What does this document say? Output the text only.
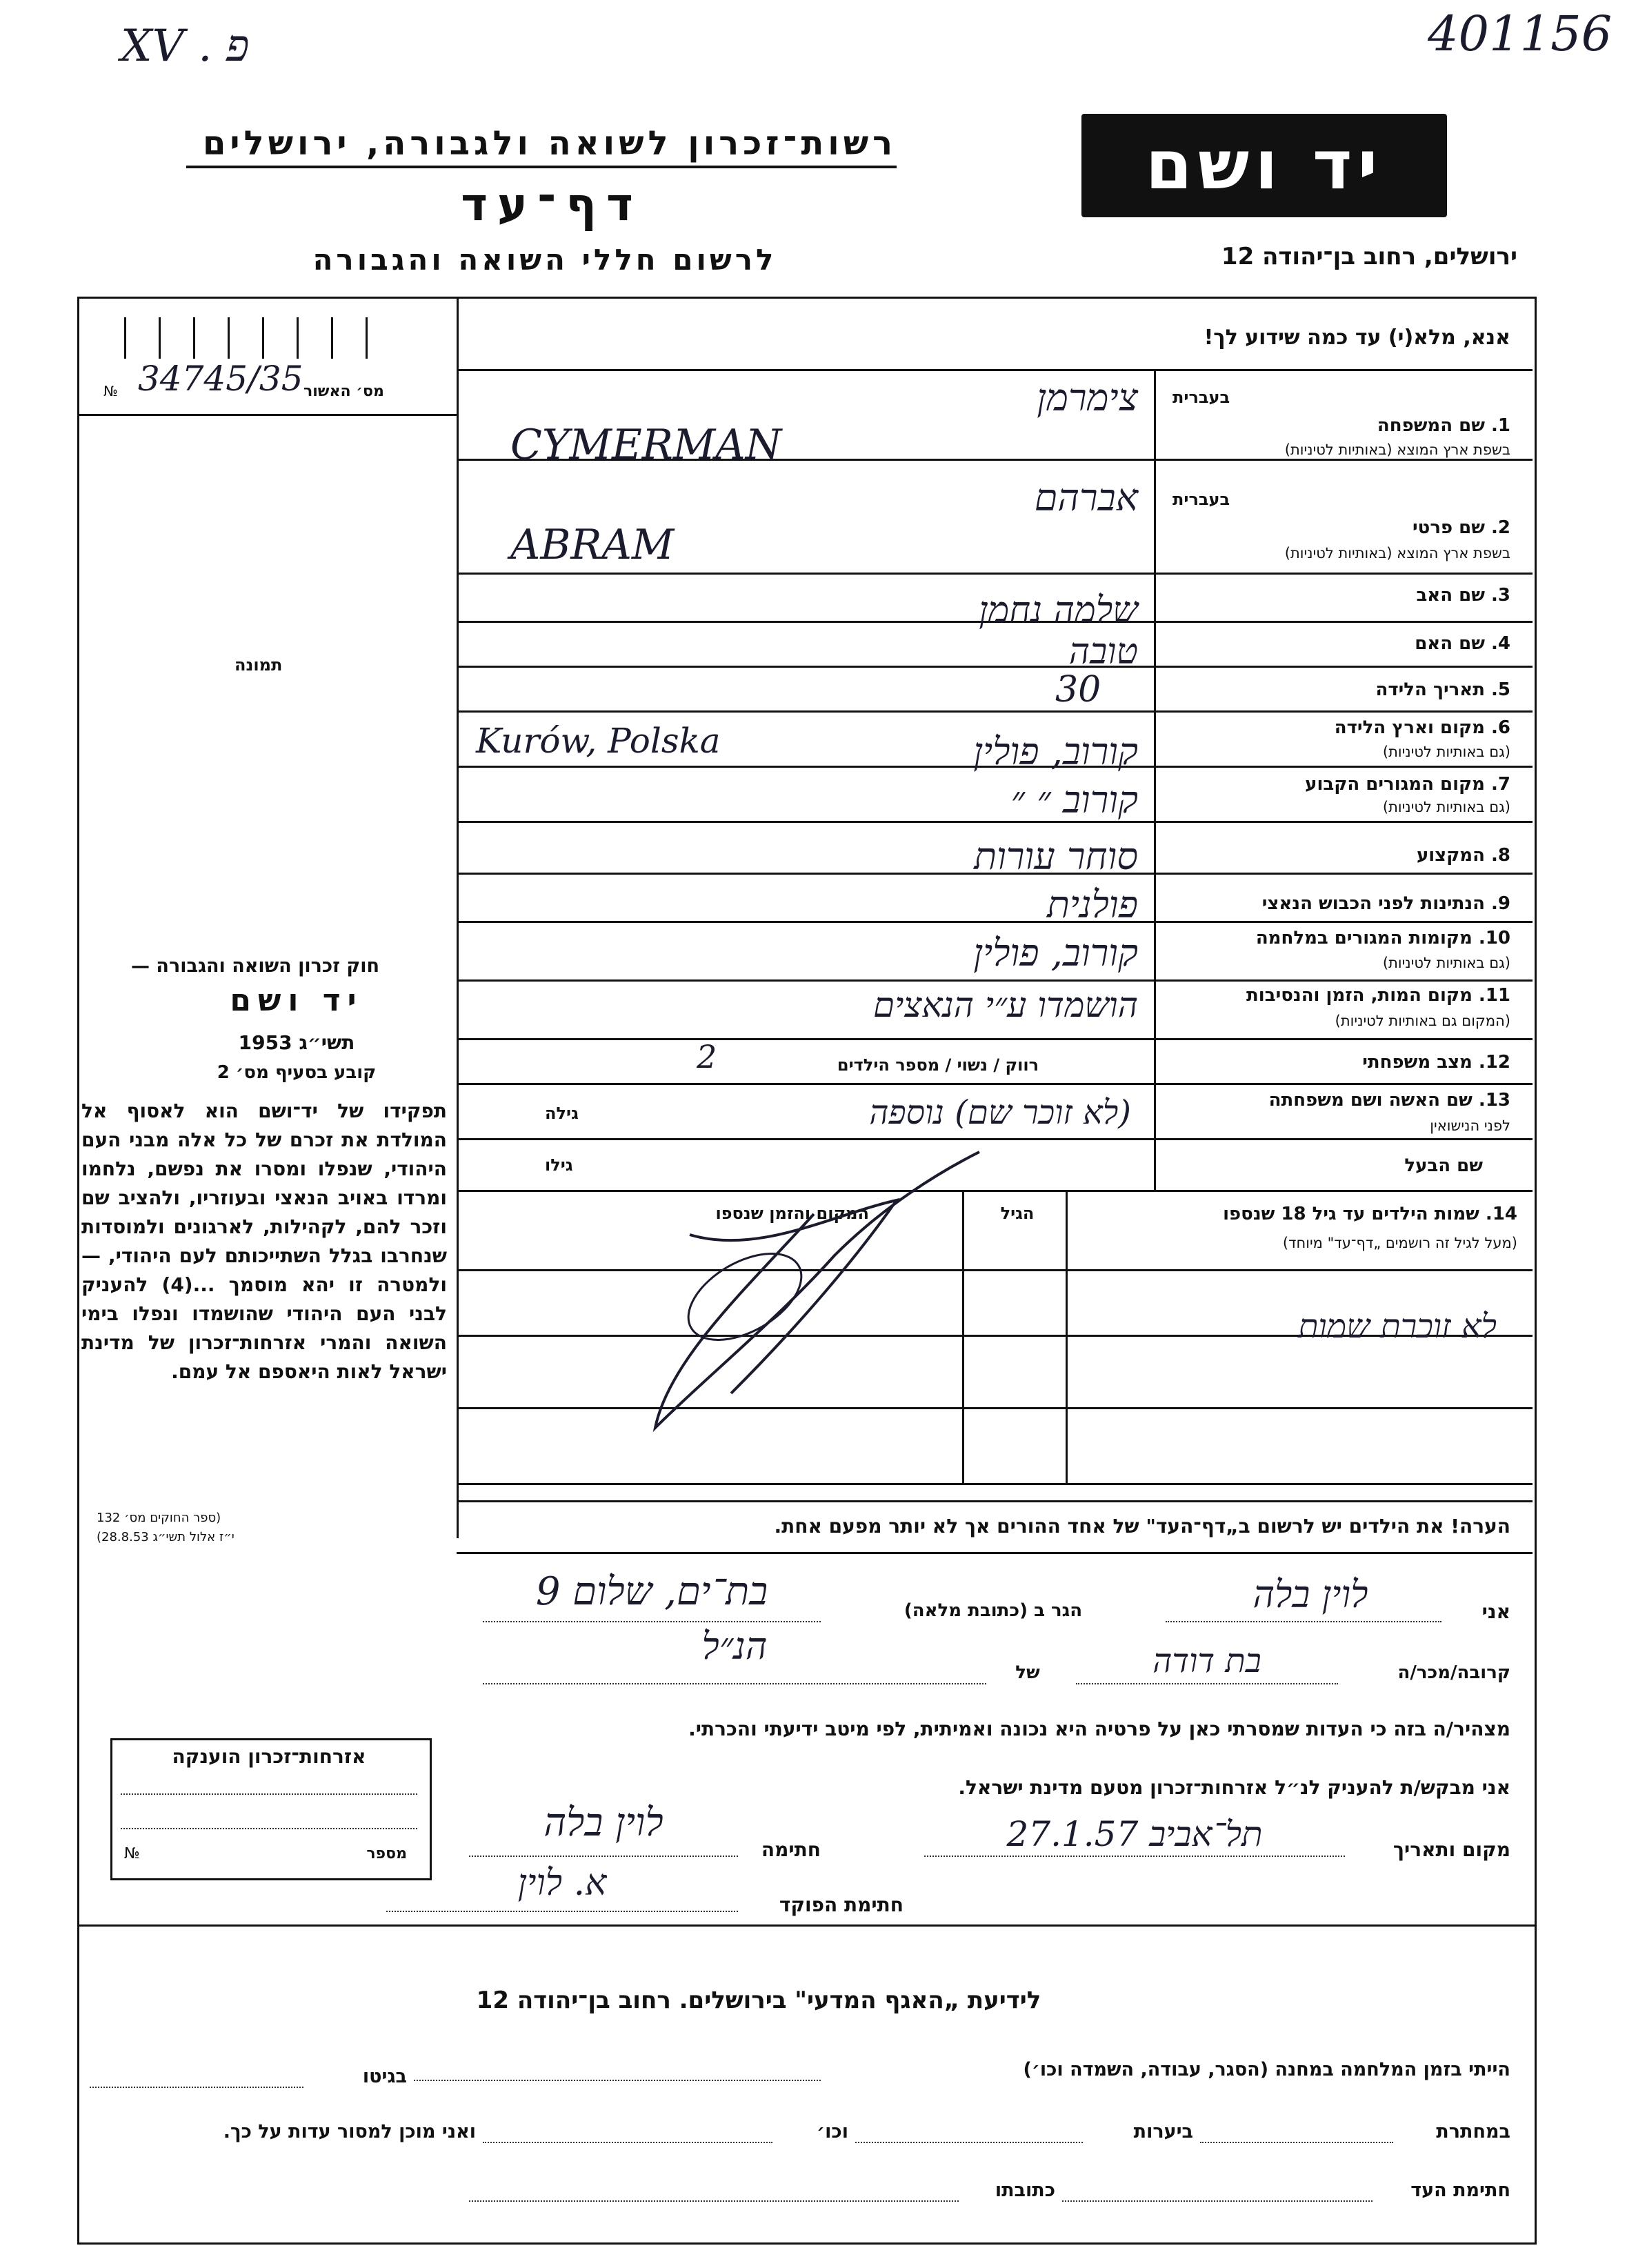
XV . פ	401156
רשות־זכרון לשואה ולגבורה, ירושלים
דף־עד
לרשום חללי השואה והגבורה
יד ושם
ירושלים, רחוב בן־יהודה 12
34745/35 מס׳ האשור
№
תמונה
חוק זכרון השואה והגבורה —
יד ושם
תשי״ג 1953
קובע בסעיף מס׳ 2
תפקידו של יד־ושם הוא לאסוף אל המולדת את זכרם של כל אלה מבני העם היהודי, שנפלו ומסרו את נפשם, נלחמו ומרדו באויב הנאצי ובעוזריו, ולהציב שם וזכר להם, לקהילות, לארגונים ולמוסדות שנחרבו בגלל השתייכותם לעם היהודי, — ולמטרה זו יהא מוסמך ...(4) להעניק לבני העם היהודי שהושמדו ונפלו בימי השואה והמרי אזרחות־זכרון של מדינת ישראל לאות היאספם אל עמם.
(ספר החוקים מס׳ 132
י״ז אלול תשי״ג 28.8.53)
אנא, מלא(י) עד כמה שידוע לך!
בעברית
1. שם המשפחה
בשפת ארץ המוצא (באותיות לטיניות)
צימרמן
CYMERMAN
בעברית
2. שם פרטי
בשפת ארץ המוצא (באותיות לטיניות)
אברהם
ABRAM
3. שם האב
שלמה נחמן
4. שם האם
טובה
5. תאריך הלידה
30
6. מקום וארץ הלידה
(גם באותיות לטיניות)
Kurów, Polska	קורוב, פולין
7. מקום המגורים הקבוע
(גם באותיות לטיניות)
קורוב ״ ״
8. המקצוע
סוחר עורות
9. הנתינות לפני הכבוש הנאצי
פולנית
10. מקומות המגורים במלחמה
(גם באותיות לטיניות)
קורוב, פולין
11. מקום המות, הזמן והנסיבות
(המקום גם באותיות לטיניות)
הושמדו ע״י הנאצים
12. מצב משפחתי
רווק / נשוי / מספר הילדים
2
13. שם האשה ושם משפחתה
לפני הנישואין
גילה	(לא זוכר שם) נוספה
שם הבעל
גילו
14. שמות הילדים עד גיל 18 שנספו
(מעל לגיל זה רושמים „דף־עד" מיוחד)
הגיל
המקום והזמן שנספו
לא זוכרת שמות
הערה! את הילדים יש לרשום ב„דף־העד" של אחד ההורים אך לא יותר מפעם אחת.
אני
לוין בלה
הגר ב (כתובת מלאה)
בת־ים, שלום 9
קרובה/מכר/ה
בת דודה
של
הנ״ל
מצהיר/ה בזה כי העדות שמסרתי כאן על פרטיה היא נכונה ואמיתית, לפי מיטב ידיעתי והכרתי.
אני מבקש/ת להעניק לנ״ל אזרחות־זכרון מטעם מדינת ישראל.
מקום ותאריך
תל־אביב 27.1.57
חתימה
לוין בלה
חתימת הפוקד
א. לוין
אזרחות־זכרון הוענקה
מספר
№
לידיעת „האגף המדעי" בירושלים. רחוב בן־יהודה 12
הייתי בזמן המלחמה במחנה (הסגר, עבודה, השמדה וכו׳)
בגיטו
במחתרת
ביערות
וכו׳
ואני מוכן למסור עדות על כך.
חתימת העד
כתובתו
